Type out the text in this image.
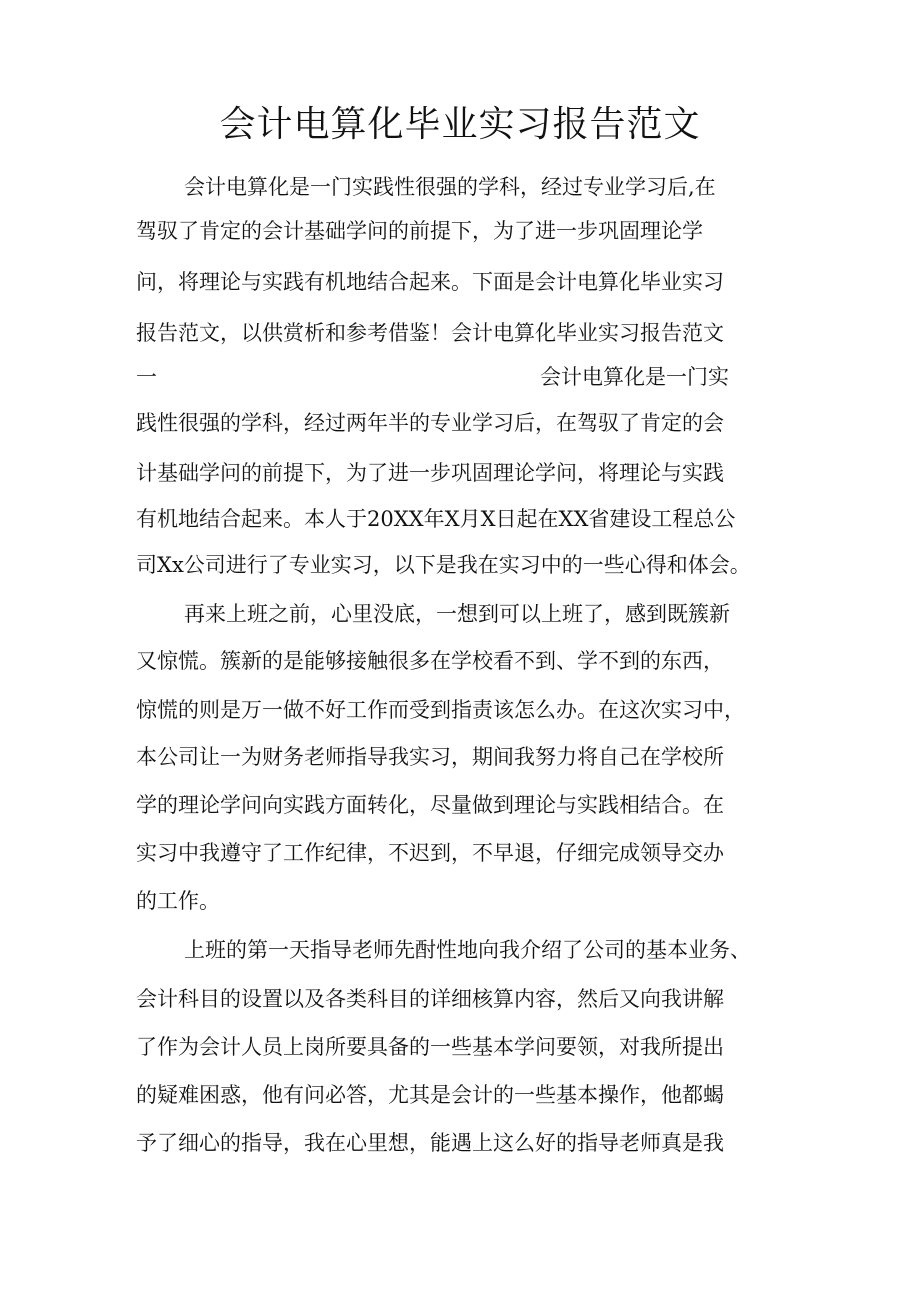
会计电算化毕业实习报告范文
会计电算化是一门实践性很强的学科，经过专业学习后,在
驾驭了肯定的会计基础学问的前提下，为了进一步巩固理论学
问，将理论与实践有机地结合起来。下面是会计电算化毕业实习
报告范文，以供赏析和参考借鉴！会计电算化毕业实习报告范文
一	会计电算化是一门实
践性很强的学科，经过两年半的专业学习后，在驾驭了肯定的会
计基础学问的前提下，为了进一步巩固理论学问，将理论与实践
有机地结合起来。本人于20XX年X月X日起在XX省建设工程总公
司Xx公司进行了专业实习，以下是我在实习中的一些心得和体会。
再来上班之前，心里没底，一想到可以上班了，感到既簇新
又惊慌。簇新的是能够接触很多在学校看不到、学不到的东西，
惊慌的则是万一做不好工作而受到指责该怎么办。在这次实习中，
本公司让一为财务老师指导我实习，期间我努力将自己在学校所
学的理论学问向实践方面转化，尽量做到理论与实践相结合。在
实习中我遵守了工作纪律，不迟到，不早退，仔细完成领导交办
的工作。
上班的第一天指导老师先酎性地向我介绍了公司的基本业务、
会计科目的设置以及各类科目的详细核算内容，然后又向我讲解
了作为会计人员上岗所要具备的一些基本学问要领，对我所提出
的疑难困惑，他有问必答，尤其是会计的一些基本操作，他都蝎
予了细心的指导，我在心里想，能遇上这么好的指导老师真是我
